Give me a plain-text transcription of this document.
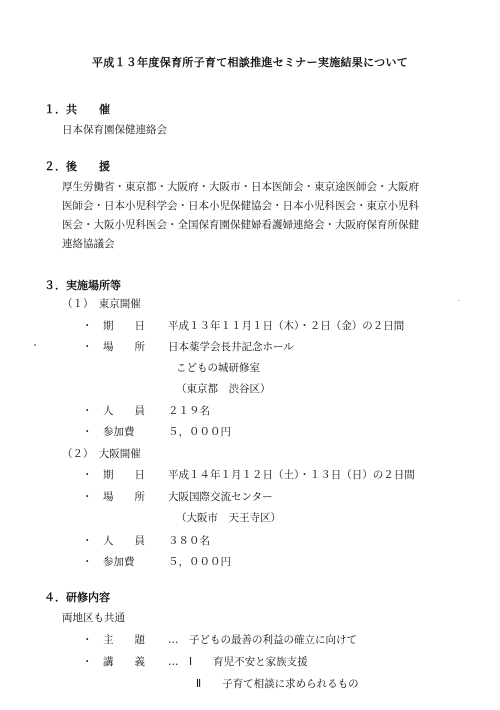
平成１３年度保育所子育て相談推進セミナー実施結果について
１．共　　催
日本保育園保健連絡会
２．後　　援
厚生労働省・東京都・大阪府・大阪市・日本医師会・東京途医師会・大阪府
医師会・日本小児科学会・日本小児保健協会・日本小児科医会・東京小児科
医会・大阪小児科医会・全国保育園保健婦看護婦連絡会・大阪府保育所保健
連絡協議会
３．実施場所等
（１）　東京開催
・　期　　日 平成１３年１１月１日（木）・２日（金）の２日間
・　場　　所 日本薬学会長井記念ホール
こどもの城研修室
（東京都　渋谷区）
・　人　　員 ２１９名
・　参加費	５，０００円
（２）　大阪開催
・　期　　日 平成１４年１月１２日（土）・１３日（日）の２日間
・　場　　所 大阪国際交流センター
（大阪市　天王寺区）
・　人　　員 ３８０名
・　参加費	５，０００円
４．研修内容
両地区も共通
・　主　　題 …　子どもの最善の利益の確立に向けて
・　講　　義 …　Ⅰ　　育児不安と家族支援
Ⅱ　　子育て相談に求められるもの
